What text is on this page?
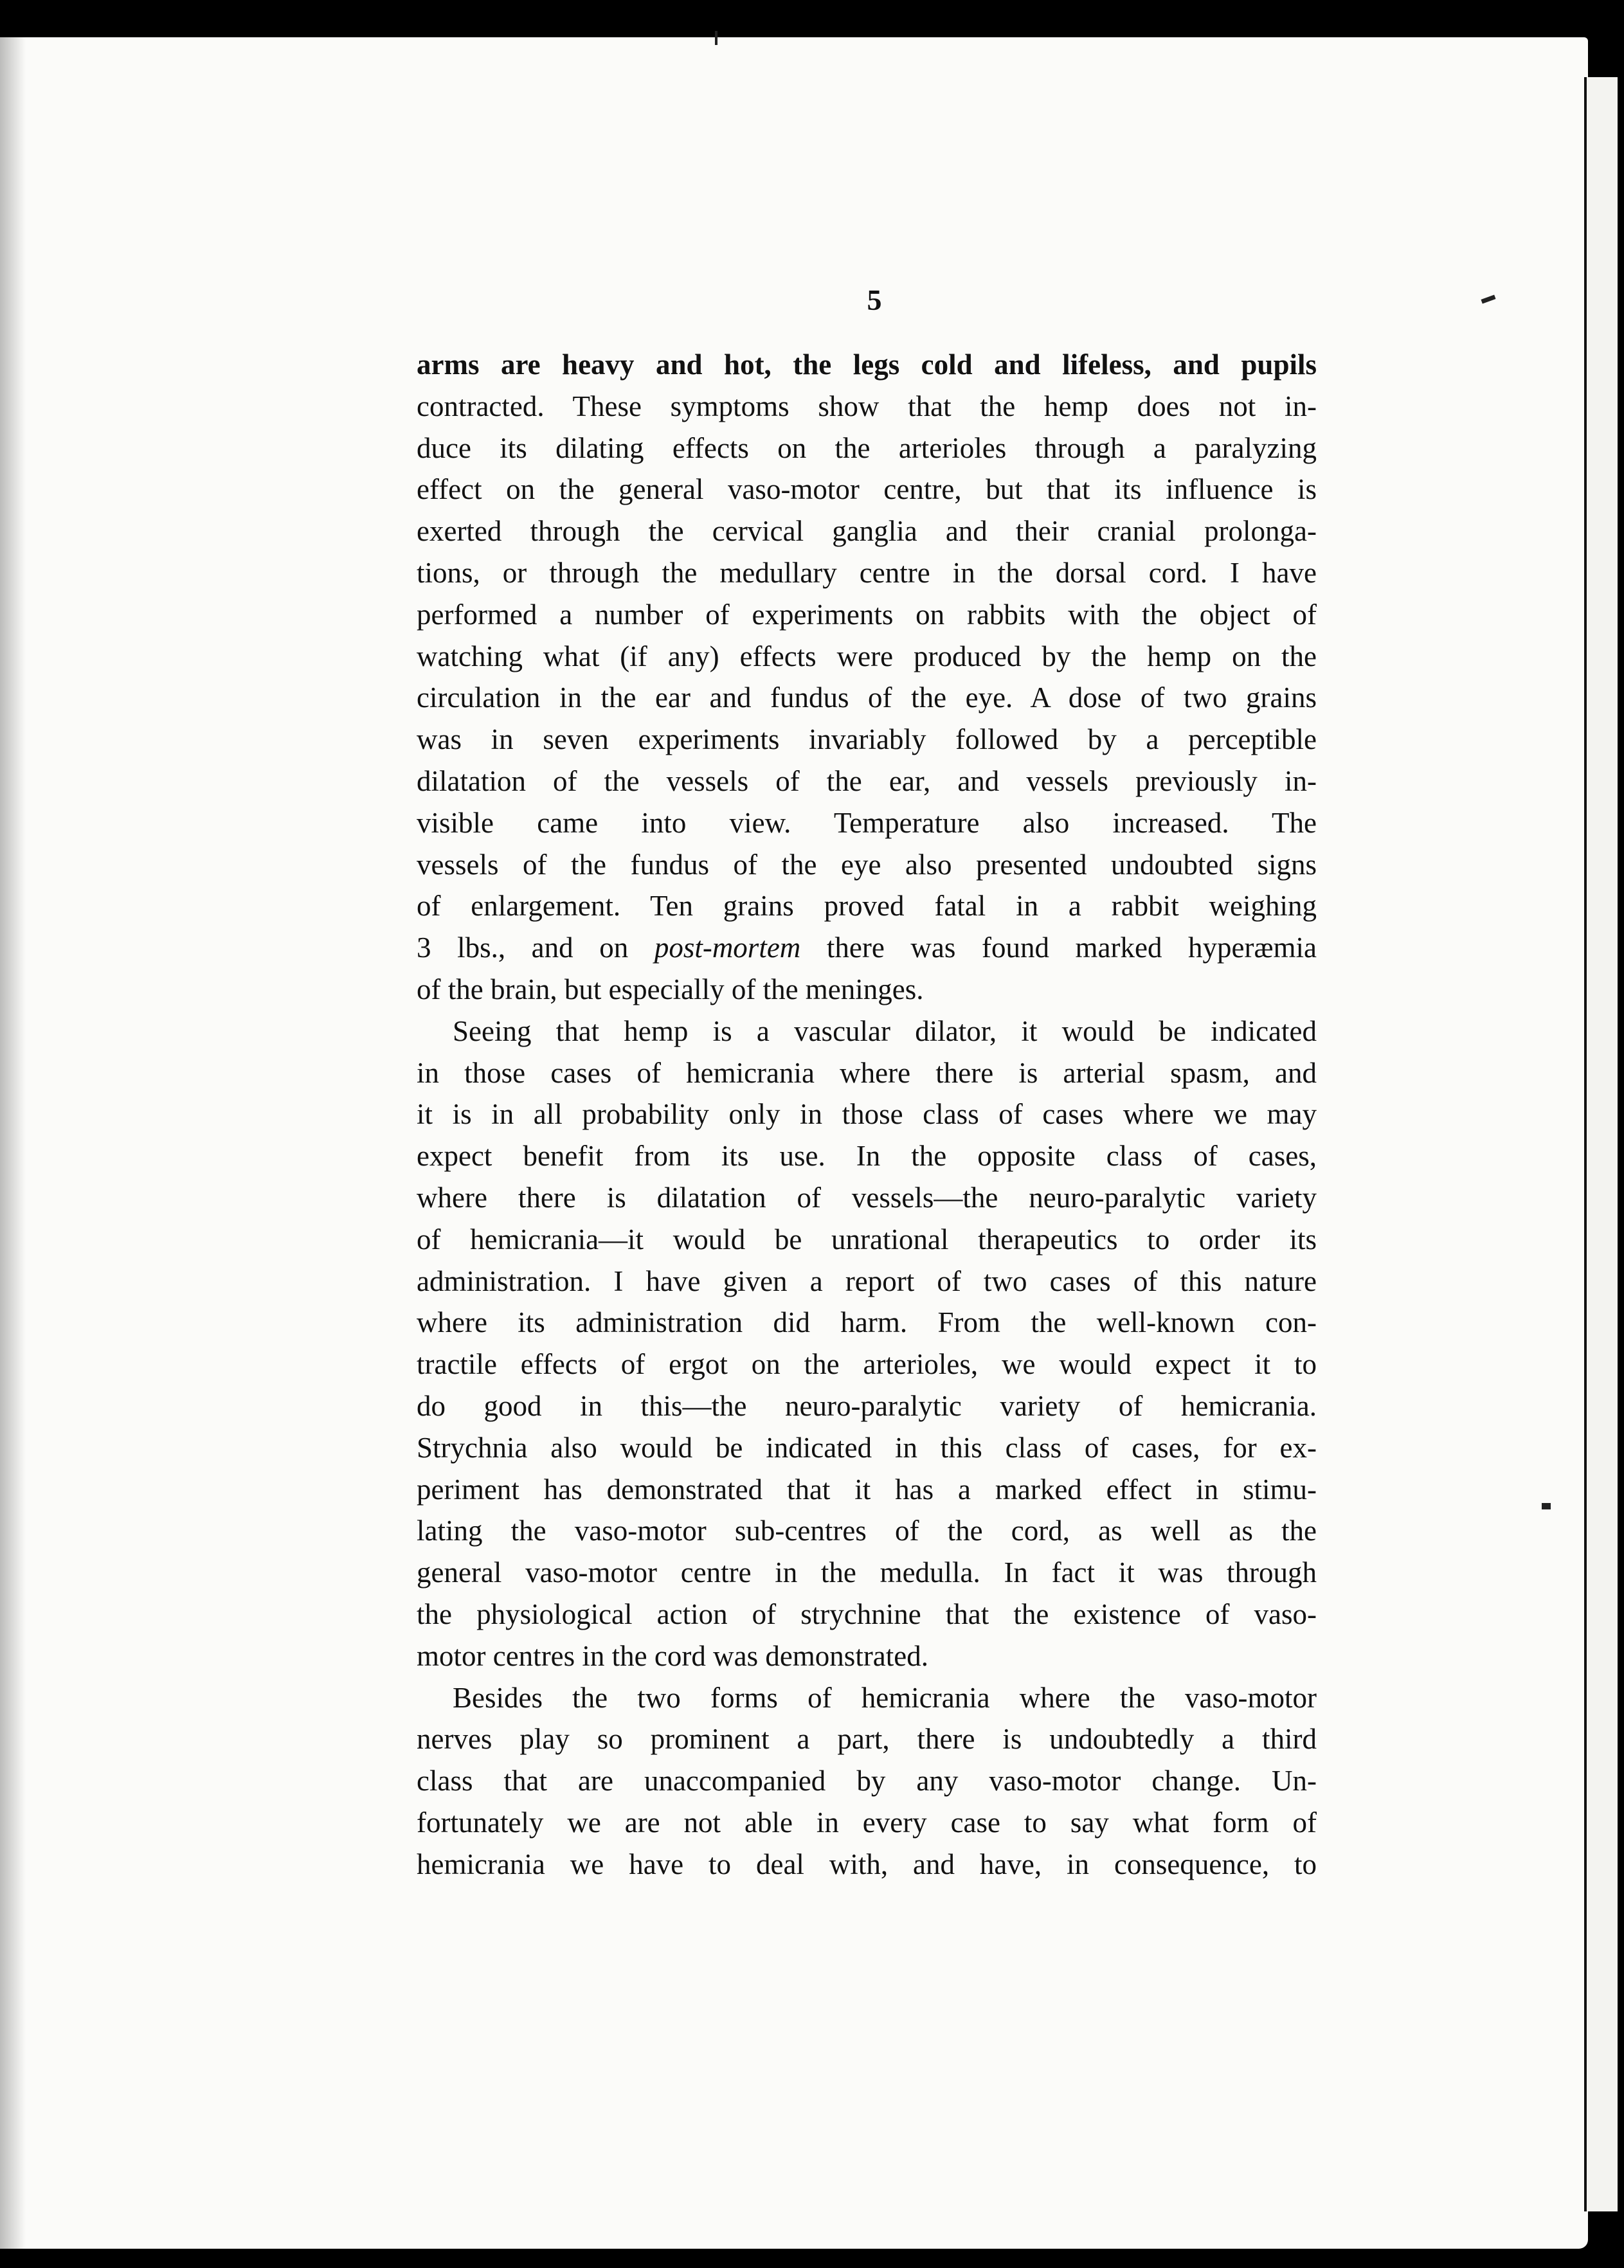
5
arms are heavy and hot, the legs cold and lifeless, and pupils
contracted. These symptoms show that the hemp does not in-
duce its dilating effects on the arterioles through a paralyzing
effect on the general vaso-motor centre, but that its influence is
exerted through the cervical ganglia and their cranial prolonga-
tions, or through the medullary centre in the dorsal cord. I have
performed a number of experiments on rabbits with the object of
watching what (if any) effects were produced by the hemp on the
circulation in the ear and fundus of the eye. A dose of two grains
was in seven experiments invariably followed by a perceptible
dilatation of the vessels of the ear, and vessels previously in-
visible came into view. Temperature also increased. The
vessels of the fundus of the eye also presented undoubted signs
of enlargement. Ten grains proved fatal in a rabbit weighing
3 lbs., and on post-mortem there was found marked hyperæmia
of the brain, but especially of the meninges.
Seeing that hemp is a vascular dilator, it would be indicated
in those cases of hemicrania where there is arterial spasm, and
it is in all probability only in those class of cases where we may
expect benefit from its use. In the opposite class of cases,
where there is dilatation of vessels—the neuro-paralytic variety
of hemicrania—it would be unrational therapeutics to order its
administration. I have given a report of two cases of this nature
where its administration did harm. From the well-known con-
tractile effects of ergot on the arterioles, we would expect it to
do good in this—the neuro-paralytic variety of hemicrania.
Strychnia also would be indicated in this class of cases, for ex-
periment has demonstrated that it has a marked effect in stimu-
lating the vaso-motor sub-centres of the cord, as well as the
general vaso-motor centre in the medulla. In fact it was through
the physiological action of strychnine that the existence of vaso-
motor centres in the cord was demonstrated.
Besides the two forms of hemicrania where the vaso-motor
nerves play so prominent a part, there is undoubtedly a third
class that are unaccompanied by any vaso-motor change. Un-
fortunately we are not able in every case to say what form of
hemicrania we have to deal with, and have, in consequence, to
